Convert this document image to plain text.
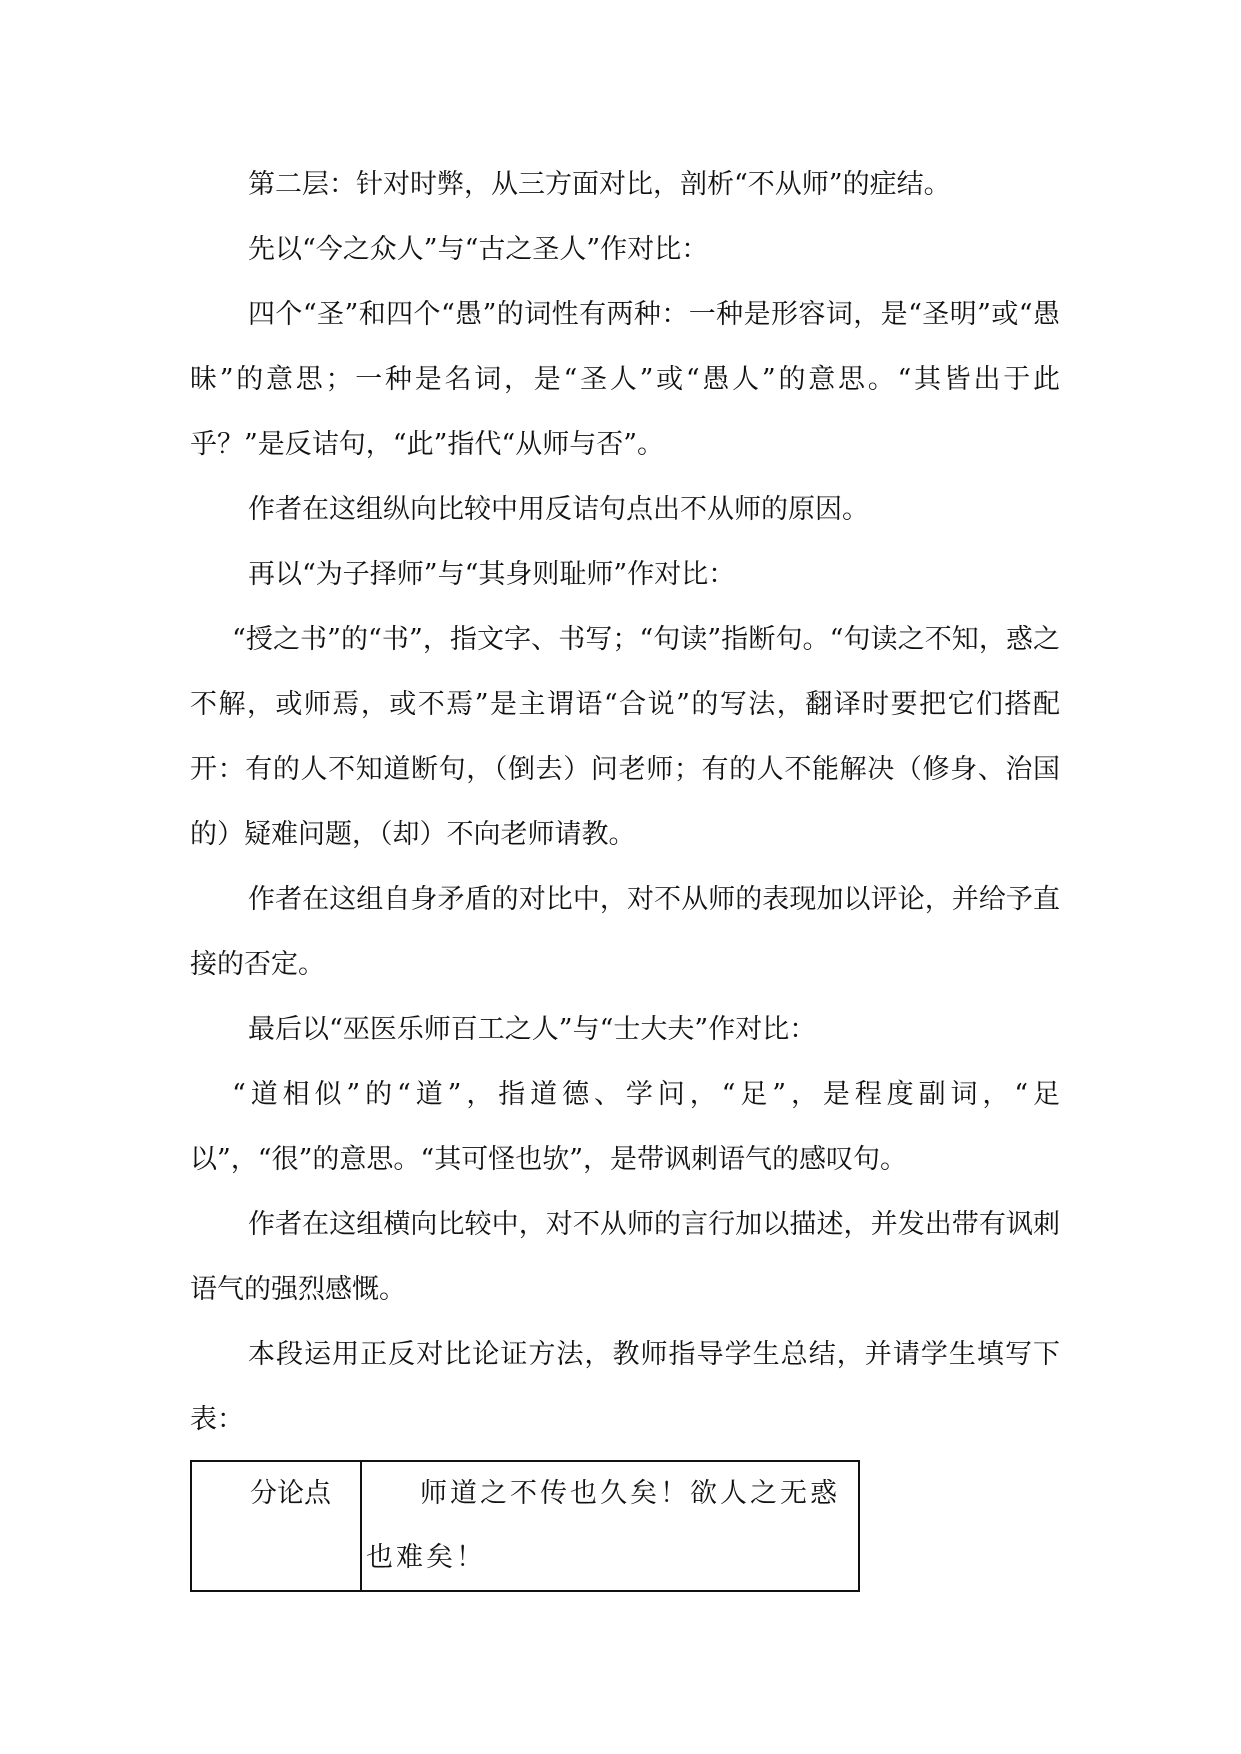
第二层：针对时弊，从三方面对比，剖析“不从师”的症结。

先以“今之众人”与“古之圣人”作对比：

四个“圣”和四个“愚”的词性有两种：一种是形容词，是“圣明”或“愚昧”的意思；一种是名词，是“圣人”或“愚人”的意思。“其皆出于此乎？”是反诘句，“此”指代“从师与否”。

作者在这组纵向比较中用反诘句点出不从师的原因。

再以“为子择师”与“其身则耻师”作对比：

“授之书”的“书”，指文字、书写；“句读”指断句。“句读之不知，惑之不解，或师焉，或不焉”是主谓语“合说”的写法，翻译时要把它们搭配开：有的人不知道断句，（倒去）问老师；有的人不能解决（修身、治国的）疑难问题，（却）不向老师请教。

作者在这组自身矛盾的对比中，对不从师的表现加以评论，并给予直接的否定。

最后以“巫医乐师百工之人”与“士大夫”作对比：

“道相似”的“道”，指道德、学问，“足”，是程度副词，“足以”，“很”的意思。“其可怪也欤”，是带讽刺语气的感叹句。

作者在这组横向比较中，对不从师的言行加以描述，并发出带有讽刺语气的强烈感慨。

本段运用正反对比论证方法，教师指导学生总结，并请学生填写下表：

分论点	师道之不传也久矣！欲人之无惑也难矣！
